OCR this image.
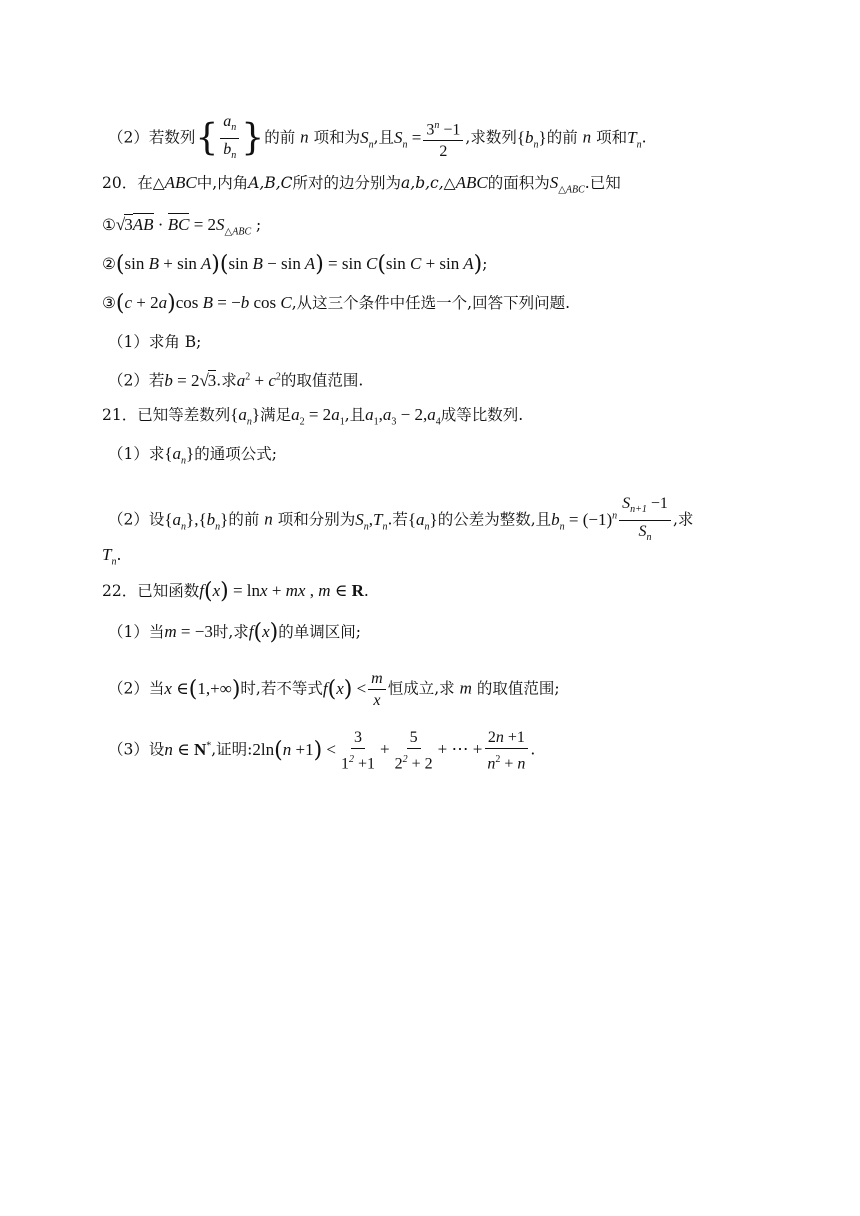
（2）若数列{ $\frac{a_n}{b_n}$ }的前 n 项和为$S_n$,且$S_n = \frac{3^n -1}{2}$ ,求数列$\{b_n\}$的前 n 项和$T_n$.
20．在△ABC中,内角A,B,C所对的边分别为a,b,c,△ABC的面积为$S_{\triangle ABC}$.已知
①√3AB · BC = $2S_{\triangle ABC}$ ;
②(sin B + sin A)(sin B − sin A) = sin C(sin C + sin A);
③(c + 2a)cos B = −b cos C,从这三个条件中任选一个,回答下列问题.
（1）求角 B;
（2）若b = 2√3.求$a^2 + c^2$的取值范围.
21．已知等差数列$\{a_n\}$满足$a_2 = 2a_1$,且$a_1,a_3 - 2,a_4$成等比数列.
（1）求$\{a_n\}$的通项公式;
（2）设$\{a_n\},\{b_n\}$的前 n 项和分别为$S_n,T_n$.若$\{a_n\}$的公差为整数,且$b_n = (-1)^n \frac{S_{n+1} -1}{S_n}$ ,求
$T_n$.
22．已知函数f(x) = lnx + mx , m ∈ R.
（1）当m = −3时,求f(x)的单调区间;
（2）当x ∈(1,+∞)时,若不等式$f(x) < \frac{m}{x}$ 恒成立,求 m 的取值范围;
（3）设n ∈ N*,证明:2ln(n $+1) < \frac{3}{1^2 +1} + \frac{5}{2^2 + 2}$ + ⋯ + $\frac{2n +1}{n^2 + n}$ .
